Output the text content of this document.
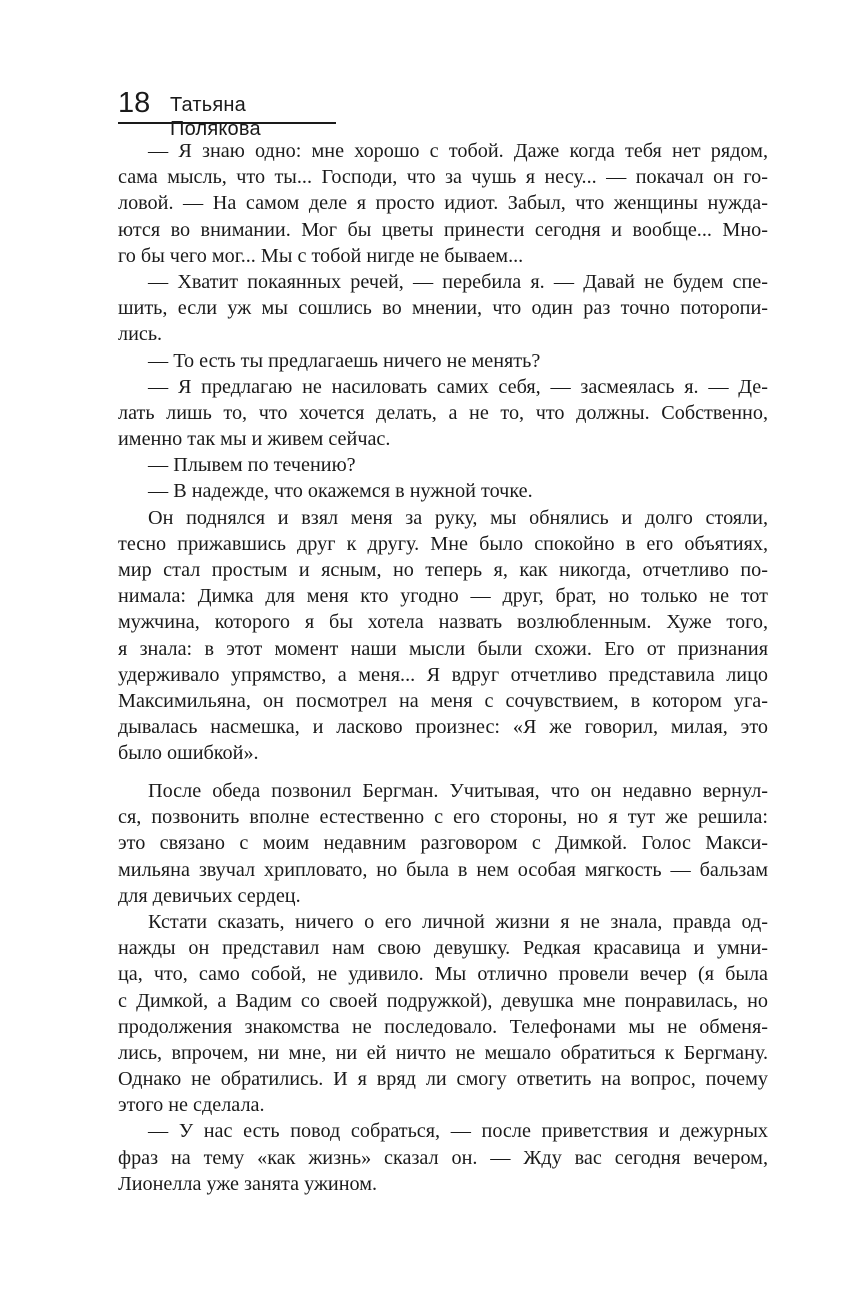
18 Татьяна Полякова
— Я знаю одно: мне хорошо с тобой. Даже когда тебя нет рядом,
сама мысль, что ты... Господи, что за чушь я несу... — покачал он го-
ловой. — На самом деле я просто идиот. Забыл, что женщины нужда-
ются во внимании. Мог бы цветы принести сегодня и вообще... Мно-
го бы чего мог... Мы с тобой нигде не бываем...
— Хватит покаянных речей, — перебила я. — Давай не будем спе-
шить, если уж мы сошлись во мнении, что один раз точно поторопи-
лись.
— То есть ты предлагаешь ничего не менять?
— Я предлагаю не насиловать самих себя, — засмеялась я. — Де-
лать лишь то, что хочется делать, а не то, что должны. Собственно,
именно так мы и живем сейчас.
— Плывем по течению?
— В надежде, что окажемся в нужной точке.
Он поднялся и взял меня за руку, мы обнялись и долго стояли,
тесно прижавшись друг к другу. Мне было спокойно в его объятиях,
мир стал простым и ясным, но теперь я, как никогда, отчетливо по-
нимала: Димка для меня кто угодно — друг, брат, но только не тот
мужчина, которого я бы хотела назвать возлюбленным. Хуже того,
я знала: в этот момент наши мысли были схожи. Его от признания
удерживало упрямство, а меня... Я вдруг отчетливо представила лицо
Максимильяна, он посмотрел на меня с сочувствием, в котором уга-
дывалась насмешка, и ласково произнес: «Я же говорил, милая, это
было ошибкой».
После обеда позвонил Бергман. Учитывая, что он недавно вернул-
ся, позвонить вполне естественно с его стороны, но я тут же решила:
это связано с моим недавним разговором с Димкой. Голос Макси-
мильяна звучал хрипловато, но была в нем особая мягкость — бальзам
для девичьих сердец.
Кстати сказать, ничего о его личной жизни я не знала, правда од-
нажды он представил нам свою девушку. Редкая красавица и умни-
ца, что, само собой, не удивило. Мы отлично провели вечер (я была
с Димкой, а Вадим со своей подружкой), девушка мне понравилась, но
продолжения знакомства не последовало. Телефонами мы не обменя-
лись, впрочем, ни мне, ни ей ничто не мешало обратиться к Бергману.
Однако не обратились. И я вряд ли смогу ответить на вопрос, почему
этого не сделала.
— У нас есть повод собраться, — после приветствия и дежурных
фраз на тему «как жизнь» сказал он. — Жду вас сегодня вечером,
Лионелла уже занята ужином.
